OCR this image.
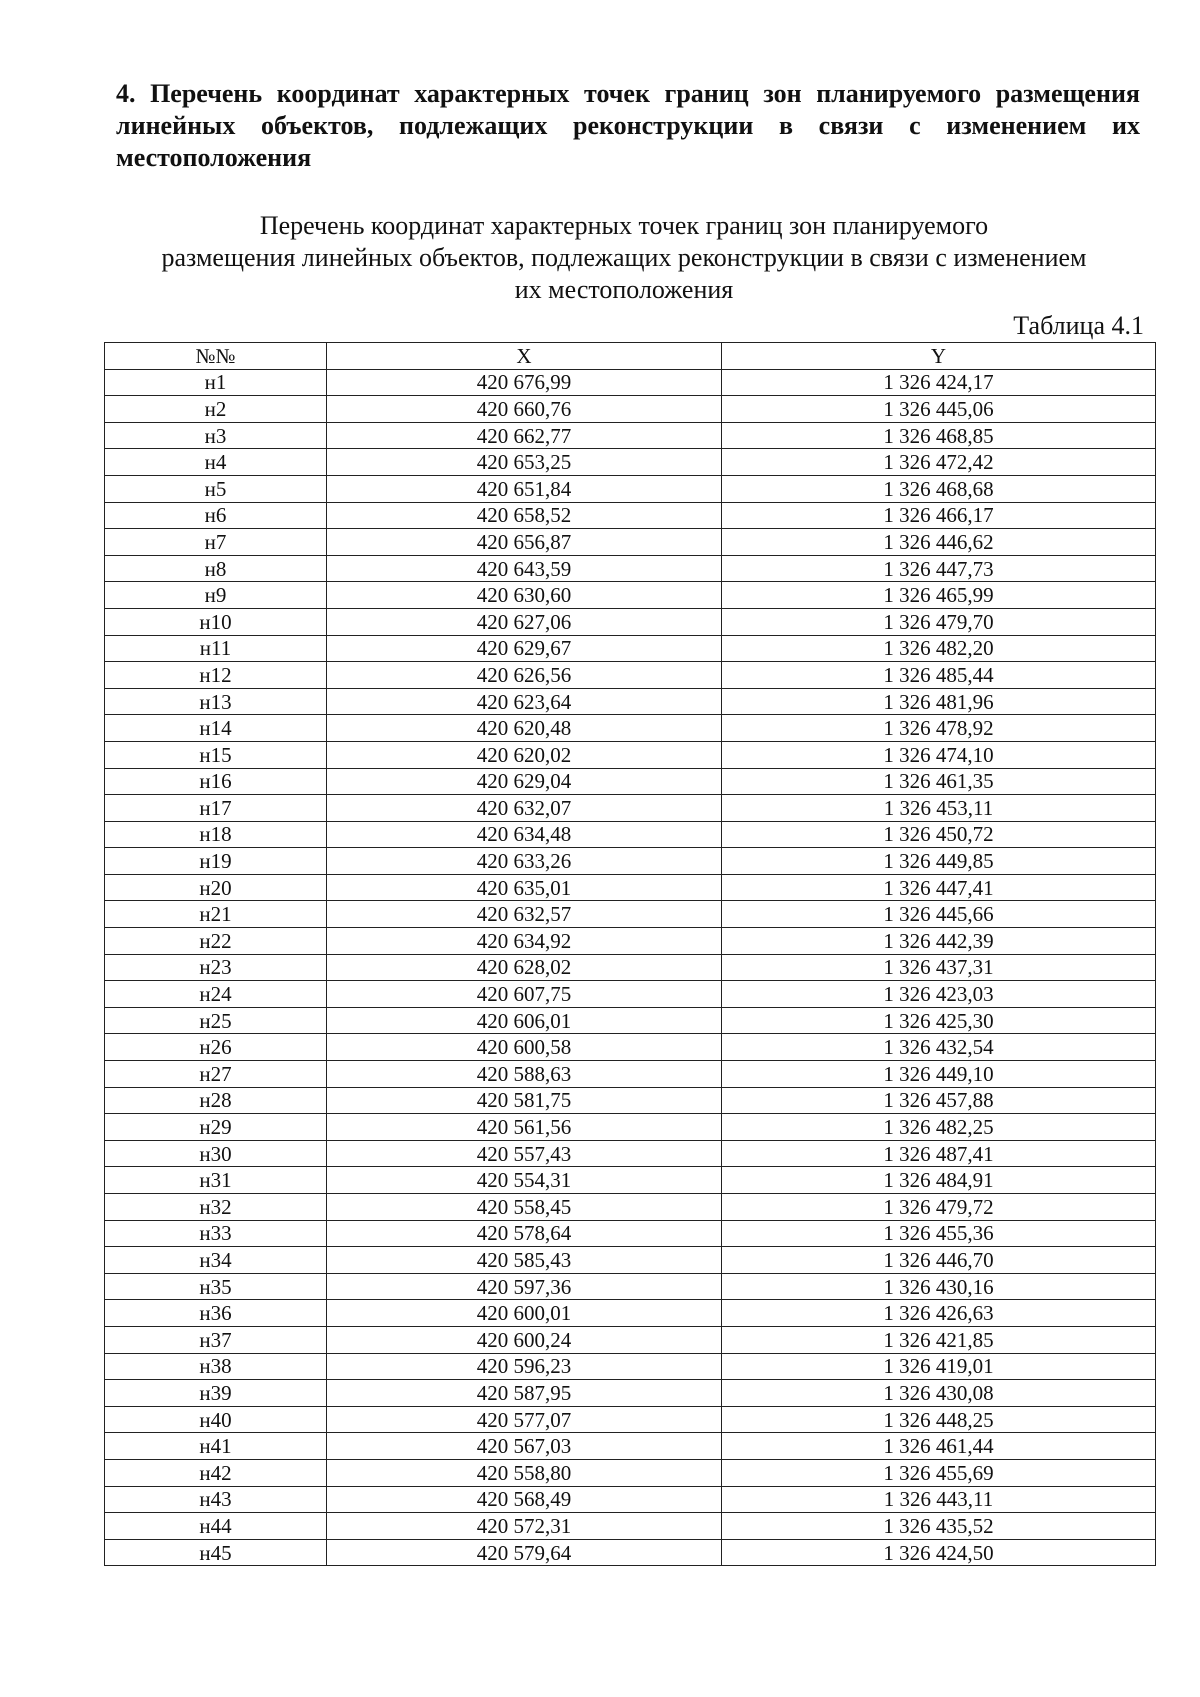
4. Перечень координат характерных точек границ зон планируемого размещения линейных объектов, подлежащих реконструкции в связи с изменением их местоположения
Перечень координат характерных точек границ зон планируемого
размещения линейных объектов, подлежащих реконструкции в связи с изменением
их местоположения
Таблица 4.1
№№	X	Y
н1	420 676,99	1 326 424,17
н2	420 660,76	1 326 445,06
н3	420 662,77	1 326 468,85
н4	420 653,25	1 326 472,42
н5	420 651,84	1 326 468,68
н6	420 658,52	1 326 466,17
н7	420 656,87	1 326 446,62
н8	420 643,59	1 326 447,73
н9	420 630,60	1 326 465,99
н10	420 627,06	1 326 479,70
н11	420 629,67	1 326 482,20
н12	420 626,56	1 326 485,44
н13	420 623,64	1 326 481,96
н14	420 620,48	1 326 478,92
н15	420 620,02	1 326 474,10
н16	420 629,04	1 326 461,35
н17	420 632,07	1 326 453,11
н18	420 634,48	1 326 450,72
н19	420 633,26	1 326 449,85
н20	420 635,01	1 326 447,41
н21	420 632,57	1 326 445,66
н22	420 634,92	1 326 442,39
н23	420 628,02	1 326 437,31
н24	420 607,75	1 326 423,03
н25	420 606,01	1 326 425,30
н26	420 600,58	1 326 432,54
н27	420 588,63	1 326 449,10
н28	420 581,75	1 326 457,88
н29	420 561,56	1 326 482,25
н30	420 557,43	1 326 487,41
н31	420 554,31	1 326 484,91
н32	420 558,45	1 326 479,72
н33	420 578,64	1 326 455,36
н34	420 585,43	1 326 446,70
н35	420 597,36	1 326 430,16
н36	420 600,01	1 326 426,63
н37	420 600,24	1 326 421,85
н38	420 596,23	1 326 419,01
н39	420 587,95	1 326 430,08
н40	420 577,07	1 326 448,25
н41	420 567,03	1 326 461,44
н42	420 558,80	1 326 455,69
н43	420 568,49	1 326 443,11
н44	420 572,31	1 326 435,52
н45	420 579,64	1 326 424,50
